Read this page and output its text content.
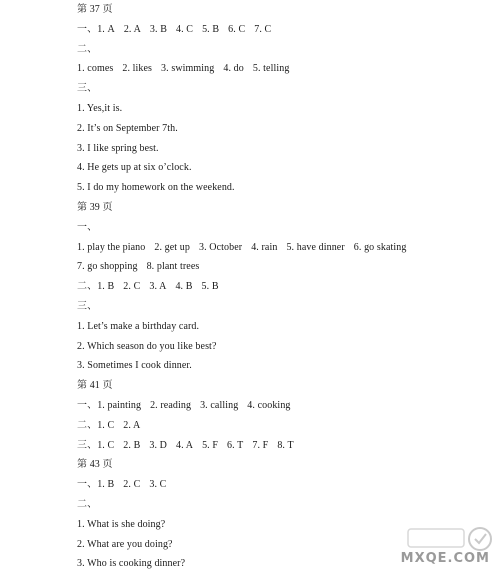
第 37 页
一、1. A 2. A 3. B 4. C 5. B 6. C 7. C
二、
1. comes 2. likes 3. swimming 4. do 5. telling
三、
1. Yes,it is.
2. It’s on September 7th.
3. I like spring best.
4. He gets up at six o’clock.
5. I do my homework on the weekend.
第 39 页
一、
1. play the piano 2. get up 3. October 4. rain 5. have dinner 6. go skating
7. go shopping 8. plant trees
二、1. B 2. C 3. A 4. B 5. B
三、
1. Let’s make a birthday card.
2. Which season do you like best?
3. Sometimes I cook dinner.
第 41 页
一、1. painting 2. reading 3. calling 4. cooking
二、1. C 2. A
三、1. C 2. B 3. D 4. A 5. F 6. T 7. F 8. T
第 43 页
一、1. B 2. C 3. C
二、
1. What is she doing?
2. What are you doing?
3. Who is cooking dinner?	MXQE.COM
